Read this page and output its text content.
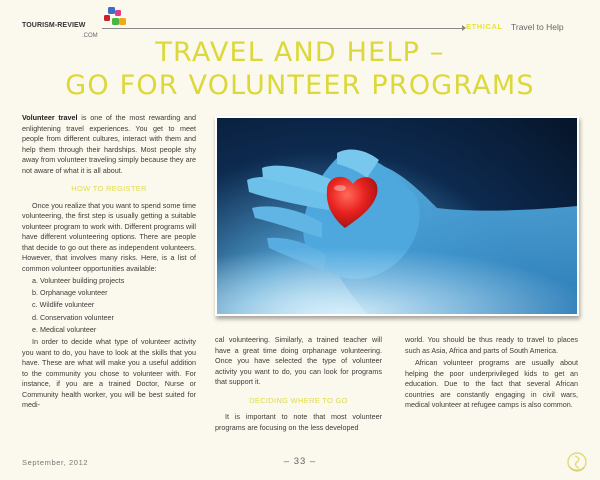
TOURISM-REVIEW
.COM
ETHICAL Travel to Help
TRAVEL AND HELP –
GO FOR VOLUNTEER PROGRAMS

Volunteer travel is one of the most rewarding and enlightening travel experiences. You get to meet people from different cultures, interact with them and help them through their hardships. Most people shy away from volunteer traveling simply because they are not aware of what it is all about.

HOW TO REGISTER

Once you realize that you want to spend some time volunteering, the first step is usually getting a suitable volunteer program to work with. Different programs will have different volunteering options. There are people that decide to go out there as independent volunteers. However, that involves many risks. Here, is a list of common volunteer opportunities available:

a. Volunteer building projects
b. Orphanage volunteer
c. Wildlife volunteer
d. Conservation volunteer
e. Medical volunteer

In order to decide what type of volunteer activity you want to do, you have to look at the skills that you have. These are what will make you a useful addition to the community you chose to volunteer with. For instance, if you are a trained Doctor, Nurse or Community health worker, you will be best suited for medi-

cal volunteering. Similarly, a trained teacher will have a great time doing orphanage volunteering. Once you have selected the type of volunteer activity you want to do, you can look for programs that support it.

DECIDING WHERE TO GO

It is important to note that most volunteer programs are focusing on the less developed

world. You should be thus ready to travel to places such as Asia, Africa and parts of South America.

African volunteer programs are usually about helping the poor underprivileged kids to get an education. Due to the fact that several African countries are constantly engaging in civil wars, medical volunteer at refugee camps is also common.

September, 2012	– 33 –
